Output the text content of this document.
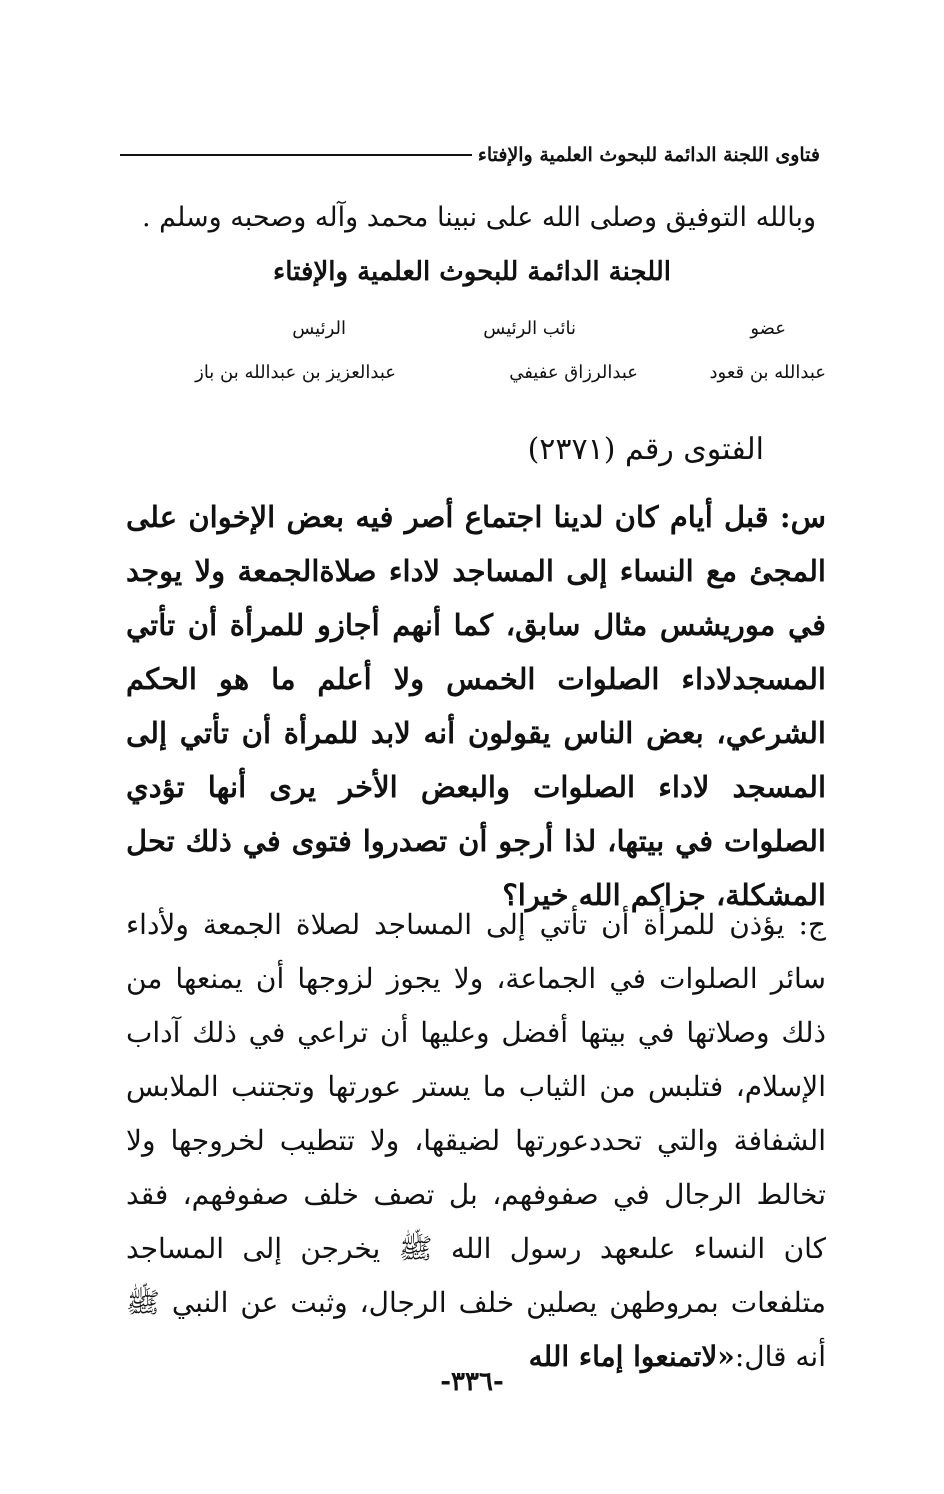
فتاوى اللجنة الدائمة للبحوث العلمية والإفتاء
وبالله التوفيق وصلى الله على نبينا محمد وآله وصحبه وسلم .
اللجنة الدائمة للبحوث العلمية والإفتاء
عضو
نائب الرئيس
الرئيس
عبدالله بن قعود
عبدالرزاق عفيفي
عبدالعزيز بن عبدالله بن باز
الفتوى رقم (٢٣٧١)
س: قبل أيام كان لدينا اجتماع أصر فيه بعض الإخوان على المجئ مع النساء إلى المساجد لاداء صلاةالجمعة ولا يوجد في موريشس مثال سابق، كما أنهم أجازو للمرأة أن تأتي المسجدلاداء الصلوات الخمس ولا أعلم ما هو الحكم الشرعي، بعض الناس يقولون أنه لابد للمرأة أن تأتي إلى المسجد لاداء الصلوات والبعض الأخر يرى أنها تؤدي الصلوات في بيتها، لذا أرجو أن تصدروا فتوى في ذلك تحل المشكلة، جزاكم الله خيرا؟
ج: يؤذن للمرأة أن تأتي إلى المساجد لصلاة الجمعة ولأداء سائر الصلوات في الجماعة، ولا يجوز لزوجها أن يمنعها من ذلك وصلاتها في بيتها أفضل وعليها أن تراعي في ذلك آداب الإسلام، فتلبس من الثياب ما يستر عورتها وتجتنب الملابس الشفافة والتي تحددعورتها لضيقها، ولا تتطيب لخروجها ولا تخالط الرجال في صفوفهم، بل تصف خلف صفوفهم، فقد كان النساء علىعهد رسول الله ﷺ يخرجن إلى المساجد متلفعات بمروطهن يصلين خلف الرجال، وثبت عن النبي ﷺ أنه قال:«لاتمنعوا إماء الله
-٣٣٦-
